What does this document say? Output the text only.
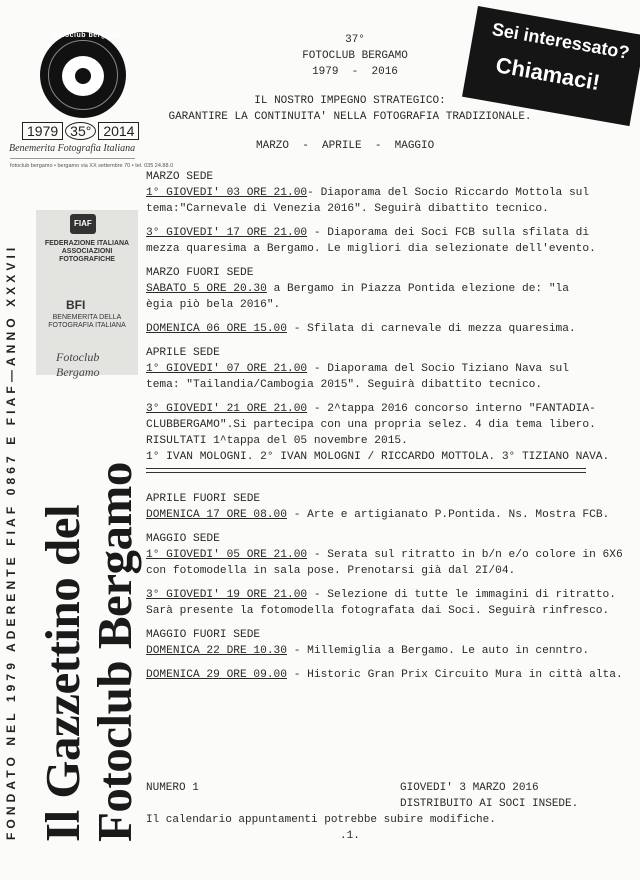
37°
FOTOCLUB BERGAMO
1979  -  2016
IL NOSTRO IMPEGNO STRATEGICO:
GARANTIRE LA CONTINUITA' NELLA FOTOGRAFIA TRADIZIONALE.
MARZO  -  APRILE  -  MAGGIO
Sei interessato?
Chiamaci!
fotoclub bergamo
1979 35° 2014
Benemerita Fotografia Italiana
fotoclub bergamo • bergamo via XX settembre 70 • tel. 035 24.88.0
FIAF
FEDERAZIONE ITALIANA ASSOCIAZIONI FOTOGRAFICHE
BFI
BENEMERITA DELLA FOTOGRAFIA ITALIANA
Fotoclub Bergamo
FONDATO NEL 1979 ADERENTE FIAF 0867 E FIAF—ANNO XXXVII Il Gazzettino del
Fotoclub Bergamo
MARZO SEDE
1° GIOVEDI' 03 ORE 21.00- Diaporama del Socio Riccardo Mottola sul
tema:"Carnevale di Venezia 2016". Seguirà dibattito tecnico.
3° GIOVEDI' 17 ORE 21.00 - Diaporama dei Soci FCB sulla sfilata di
mezza quaresima a Bergamo. Le migliori dia selezionate dell'evento.
MARZO FUORI SEDE
SABATO 5 ORE 20.30 a Bergamo in Piazza Pontida elezione de: "la
ègia piò bela 2016".
DOMENICA 06 ORE 15.00 - Sfilata di carnevale di mezza quaresima.
APRILE SEDE
1° GIOVEDI' 07 ORE 21.00 - Diaporama del Socio Tiziano Nava sul
tema: "Tailandia/Cambogia 2015". Seguirà dibattito tecnico.
3° GIOVEDI' 21 ORE 21.00 - 2^tappa 2016 concorso interno "FANTADIA-
CLUBBERGAMO".Si partecipa con una propria selez. 4 dia tema libero.
RISULTATI 1^tappa del 05 novembre 2015.
1° IVAN MOLOGNI. 2° IVAN MOLOGNI / RICCARDO MOTTOLA. 3° TIZIANO NAVA.
APRILE FUORI SEDE
DOMENICA 17 ORE 08.00 - Arte e artigianato P.Pontida. Ns. Mostra FCB.
MAGGIO SEDE
1° GIOVEDI' 05 ORE 21.00 - Serata sul ritratto in b/n e/o colore in 6X6
con fotomodella in sala pose. Prenotarsi già dal 2I/04.
3° GIOVEDI' 19 ORE 21.00 - Selezione di tutte le immagini di ritratto.
Sarà presente la fotomodella fotografata dai Soci. Seguirà rinfresco.
MAGGIO FUORI SEDE
DOMENICA 22 DRE 10.30 - Millemiglia a Bergamo. Le auto in cenntro.
DOMENICA 29 ORE 09.00 - Historic Gran Prix Circuito Mura in città alta.
NUMERO 1	GIOVEDI' 3 MARZO 2016
DISTRIBUITO AI SOCI INSEDE.
Il calendario appuntamenti potrebbe subire modifiche.
.1.
